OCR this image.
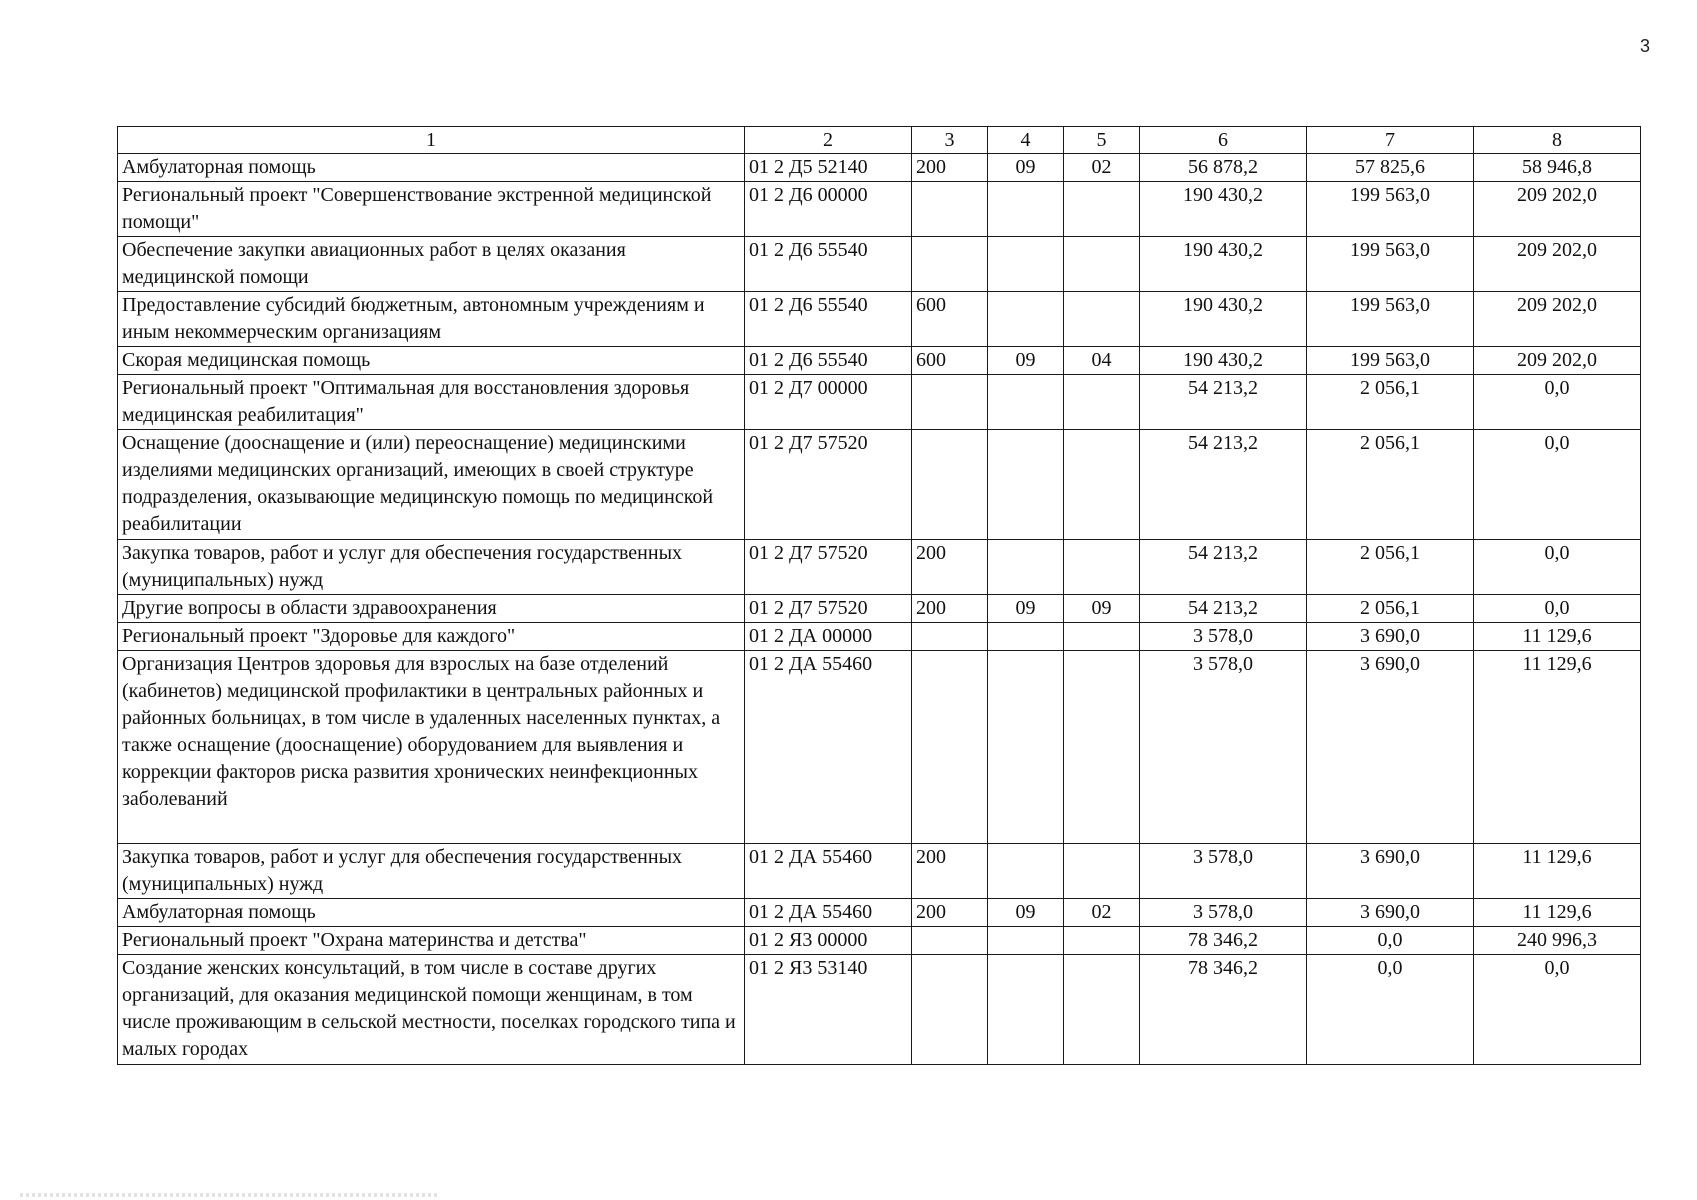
3
1	2	3	4	5	6	7	8
Амбулаторная помощь	01 2 Д5 52140	200	09	02	56 878,2	57 825,6	58 946,8
Региональный проект "Совершенствование экстренной медицинской помощи"	01 2 Д6 00000				190 430,2	199 563,0	209 202,0
Обеспечение закупки авиационных работ в целях оказания медицинской помощи	01 2 Д6 55540				190 430,2	199 563,0	209 202,0
Предоставление субсидий бюджетным, автономным учреждениям и иным некоммерческим организациям	01 2 Д6 55540	600			190 430,2	199 563,0	209 202,0
Скорая медицинская помощь	01 2 Д6 55540	600	09	04	190 430,2	199 563,0	209 202,0
Региональный проект "Оптимальная для восстановления здоровья медицинская реабилитация"	01 2 Д7 00000				54 213,2	2 056,1	0,0
Оснащение (дооснащение и (или) переоснащение) медицинскими изделиями медицинских организаций, имеющих в своей структуре подразделения, оказывающие медицинскую помощь по медицинской реабилитации	01 2 Д7 57520				54 213,2	2 056,1	0,0
Закупка товаров, работ и услуг для обеспечения государственных (муниципальных) нужд	01 2 Д7 57520	200			54 213,2	2 056,1	0,0
Другие вопросы в области здравоохранения	01 2 Д7 57520	200	09	09	54 213,2	2 056,1	0,0
Региональный проект "Здоровье для каждого"	01 2 ДА 00000				3 578,0	3 690,0	11 129,6
Организация Центров здоровья для взрослых на базе отделений (кабинетов) медицинской профилактики в центральных районных и районных больницах, в том числе в удаленных населенных пунктах, а также оснащение (дооснащение) оборудованием для выявления и коррекции факторов риска развития хронических неинфекционных заболеваний	01 2 ДА 55460				3 578,0	3 690,0	11 129,6
Закупка товаров, работ и услуг для обеспечения государственных (муниципальных) нужд	01 2 ДА 55460	200			3 578,0	3 690,0	11 129,6
Амбулаторная помощь	01 2 ДА 55460	200	09	02	3 578,0	3 690,0	11 129,6
Региональный проект "Охрана материнства и детства"	01 2 Я3 00000				78 346,2	0,0	240 996,3
Создание женских консультаций, в том числе в составе других организаций, для оказания медицинской помощи женщинам, в том числе проживающим в сельской местности, поселках городского типа и малых городах	01 2 Я3 53140				78 346,2	0,0	0,0
